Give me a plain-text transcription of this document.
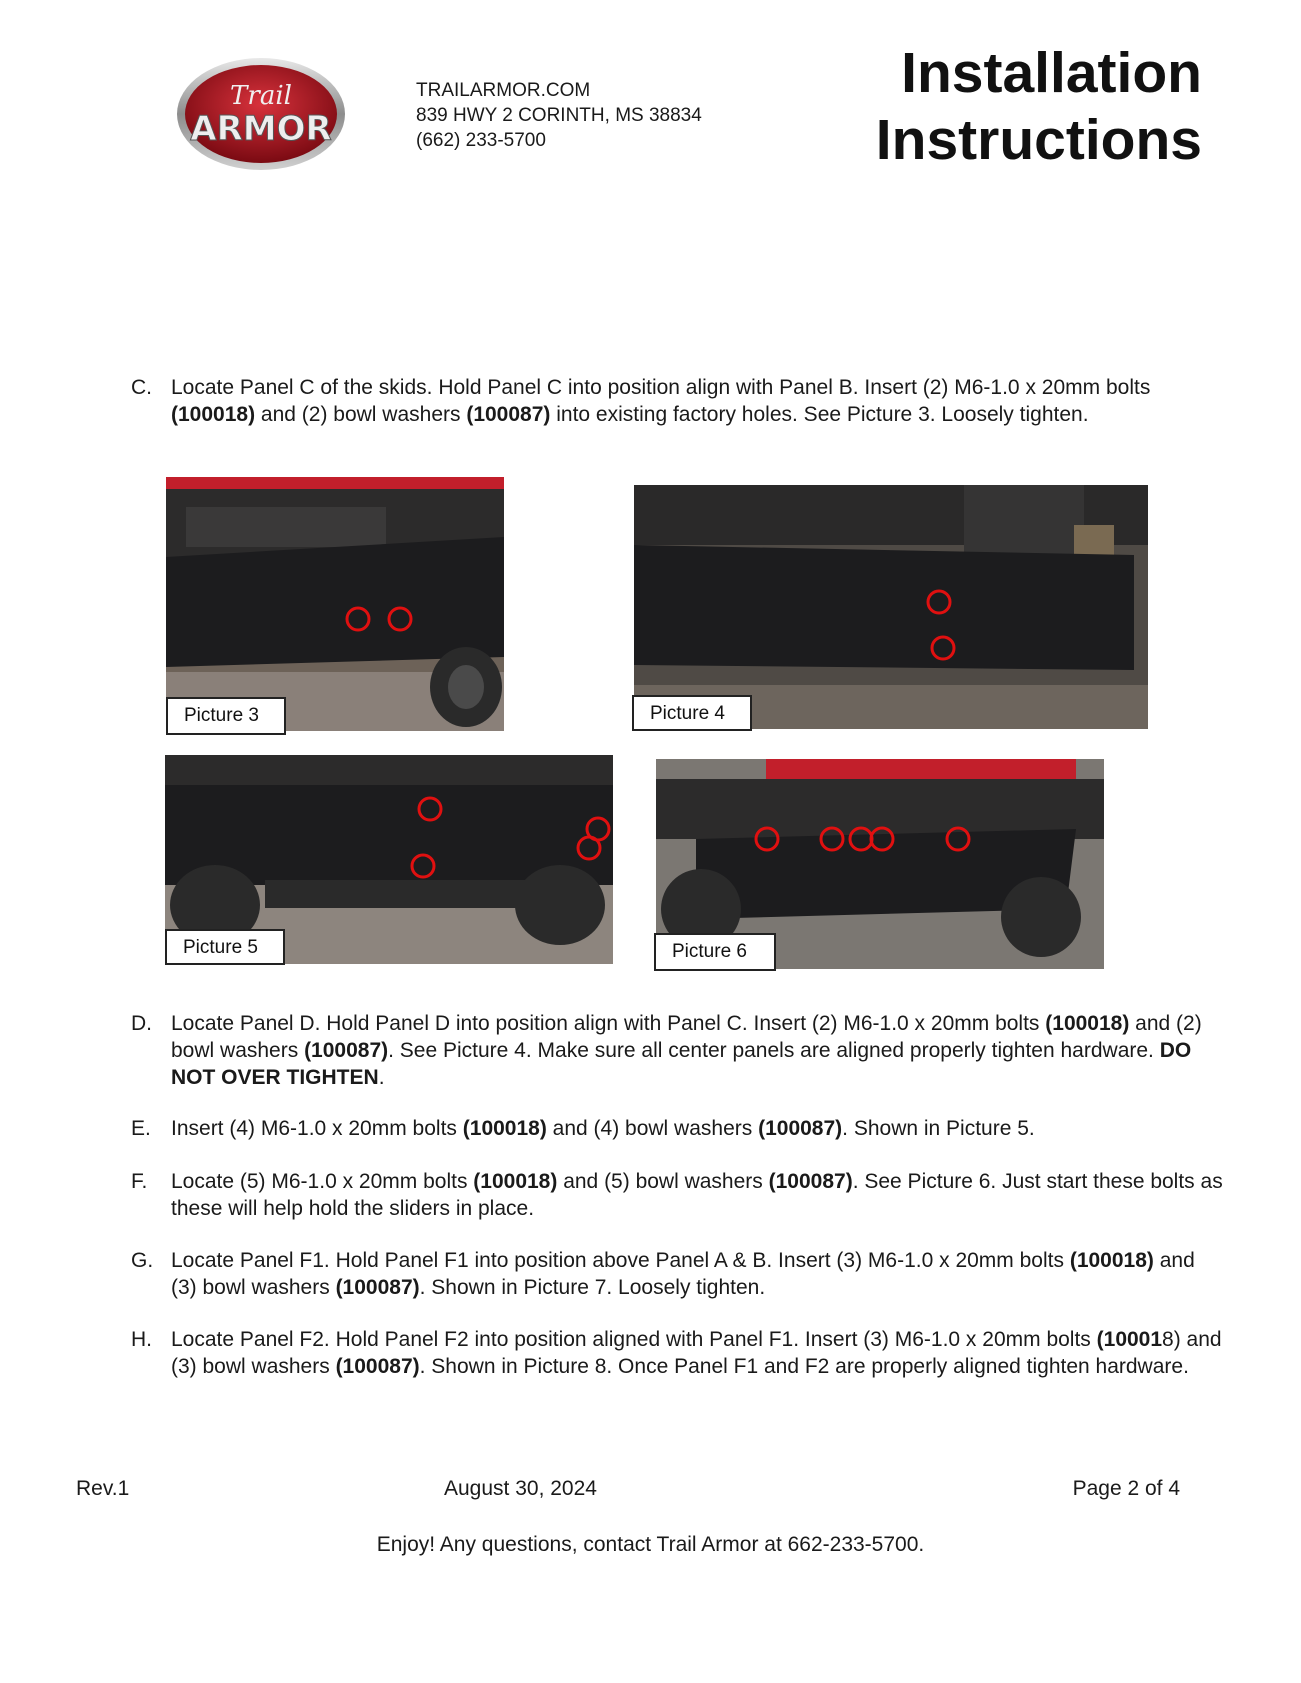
Trail
ARMOR
TRAILARMOR.COM
839 HWY 2 CORINTH, MS 38834
(662) 233-5700
Installation
Instructions
C. Locate Panel C of the skids. Hold Panel C into position align with Panel B. Insert (2) M6-1.0 x 20mm bolts (100018) and (2) bowl washers (100087) into existing factory holes. See Picture 3. Loosely tighten.
Picture 3	Picture 4
Picture 5	Picture 6
D. Locate Panel D. Hold Panel D into position align with Panel C. Insert (2) M6-1.0 x 20mm bolts (100018) and (2) bowl washers (100087). See Picture 4. Make sure all center panels are aligned properly tighten hardware. DO NOT OVER TIGHTEN.
E. Insert (4) M6-1.0 x 20mm bolts (100018) and (4) bowl washers (100087). Shown in Picture 5.
F. Locate (5) M6-1.0 x 20mm bolts (100018) and (5) bowl washers (100087). See Picture 6. Just start these bolts as these will help hold the sliders in place.
G. Locate Panel F1. Hold Panel F1 into position above Panel A & B. Insert (3) M6-1.0 x 20mm bolts (100018) and (3) bowl washers (100087). Shown in Picture 7. Loosely tighten.
H. Locate Panel F2. Hold Panel F2 into position aligned with Panel F1. Insert (3) M6-1.0 x 20mm bolts (100018) and (3) bowl washers (100087). Shown in Picture 8. Once Panel F1 and F2 are properly aligned tighten hardware.
Rev.1	August 30, 2024	Page 2 of 4
Enjoy! Any questions, contact Trail Armor at 662-233-5700.
